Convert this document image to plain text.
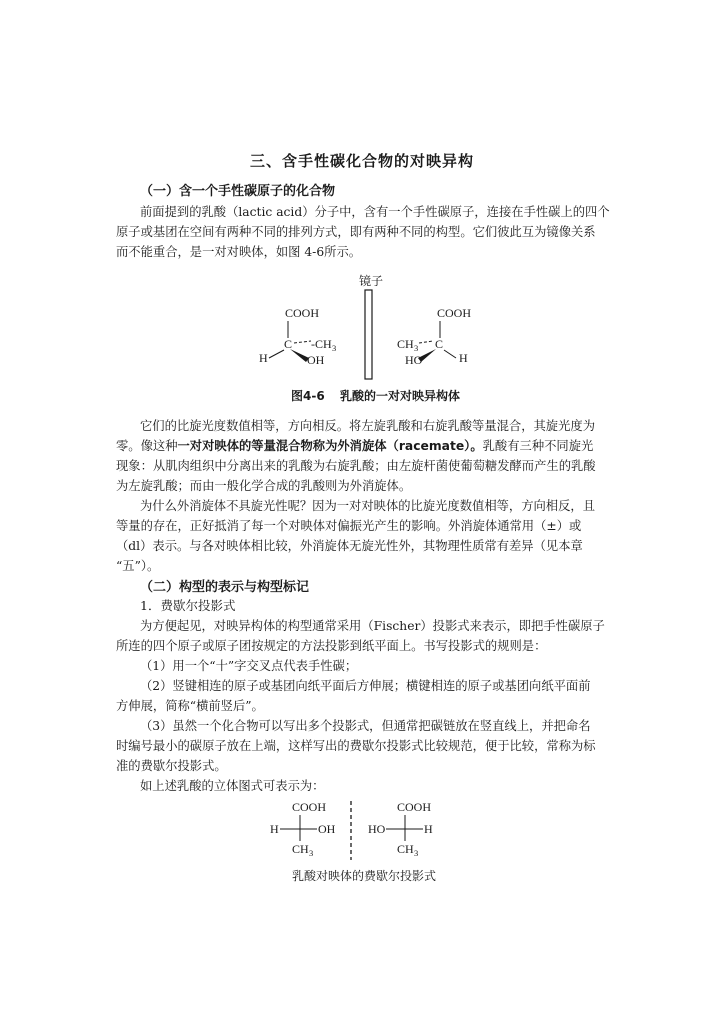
三、含手性碳化合物的对映异构
（一）含一个手性碳原子的化合物
前面提到的乳酸（lactic acid）分子中，含有一个手性碳原子，连接在手性碳上的四个
原子或基团在空间有两种不同的排列方式，即有两种不同的构型。它们彼此互为镜像关系
而不能重合，是一对对映体，如图 4-6所示。
镜子
COOH
C -CH 3
H	OH
COOH
C
CH 3
HO	H
图4-6 乳酸的一对对映异构体
它们的比旋光度数值相等，方向相反。将左旋乳酸和右旋乳酸等量混合，其旋光度为
零。像这种一对对映体的等量混合物称为外消旋体（racemate）。乳酸有三种不同旋光
现象：从肌肉组织中分离出来的乳酸为右旋乳酸；由左旋杆菌使葡萄糖发酵而产生的乳酸
为左旋乳酸；而由一般化学合成的乳酸则为外消旋体。
为什么外消旋体不具旋光性呢？因为一对对映体的比旋光度数值相等，方向相反，且
等量的存在，正好抵消了每一个对映体对偏振光产生的影响。外消旋体通常用（±）或
（dl）表示。与各对映体相比较，外消旋体无旋光性外，其物理性质常有差异（见本章
“五”）。
（二）构型的表示与构型标记
1．费歇尔投影式
为方便起见，对映异构体的构型通常采用（Fischer）投影式来表示，即把手性碳原子
所连的四个原子或原子团按规定的方法投影到纸平面上。书写投影式的规则是：
（1）用一个“十”字交叉点代表手性碳；
（2）竖键相连的原子或基团向纸平面后方伸展；横键相连的原子或基团向纸平面前
方伸展，简称“横前竖后”。
（3）虽然一个化合物可以写出多个投影式，但通常把碳链放在竖直线上，并把命名
时编号最小的碳原子放在上端，这样写出的费歇尔投影式比较规范，便于比较，常称为标
准的费歇尔投影式。
如上述乳酸的立体图式可表示为：
COOH
H	OH
CH 3
COOH
HO	H
CH 3
乳酸对映体的费歇尔投影式
